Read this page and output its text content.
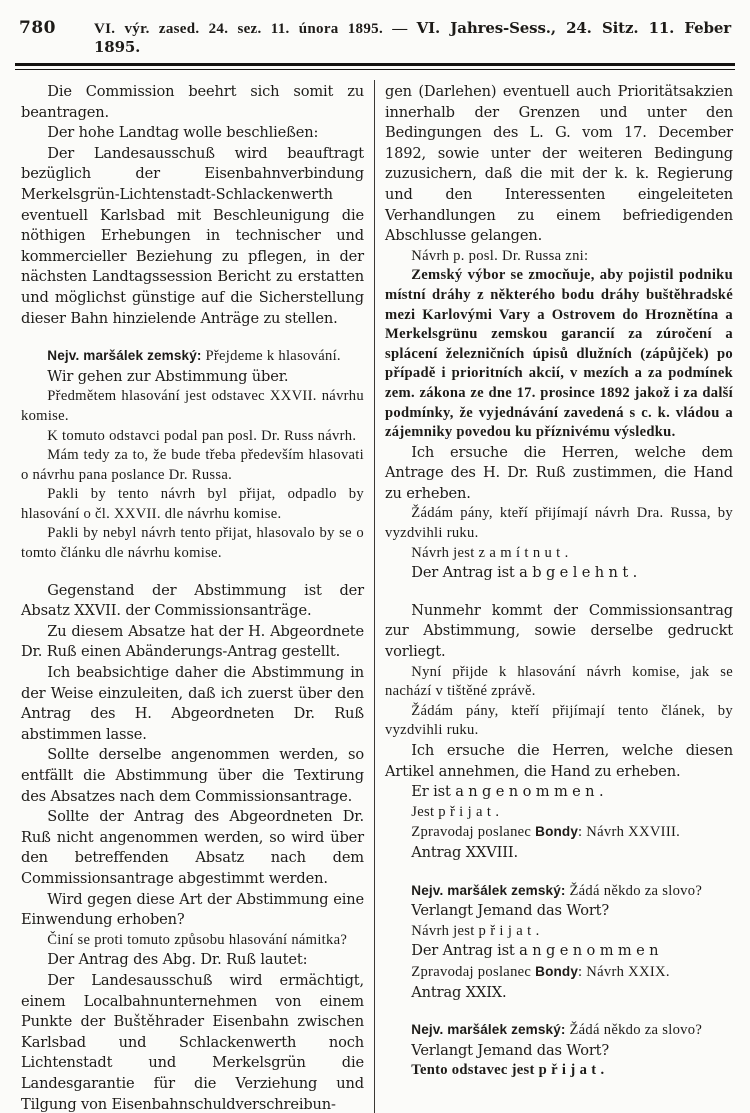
780	VI. výr. zased. 24. sez. 11. února 1895. — VI. Jahres-Sess., 24. Sitz. 11. Feber 1895.

Die Commission beehrt sich somit zu beantragen.

Der hohe Landtag wolle beschließen:

Der Landesausschuß wird beauftragt bezüglich der Eisenbahnverbindung Merkelsgrün-Lichtenstadt-Schlackenwerth eventuell Karlsbad mit Beschleunigung die nöthigen Erhebungen in technischer und kommercieller Beziehung zu pflegen, in der nächsten Landtagssession Bericht zu erstatten und möglichst günstige auf die Sicherstellung dieser Bahn hinzielende Anträge zu stellen.

Nejv. maršálek zemský: Přejdeme k hlasování.

Wir gehen zur Abstimmung über.

Předmětem hlasování jest odstavec XXVII. návrhu komise.

K tomuto odstavci podal pan posl. Dr. Russ návrh.

Mám tedy za to, že bude třeba především hlasovati o návrhu pana poslance Dr. Russa.

Pakli by tento návrh byl přijat, odpadlo by hlasování o čl. XXVII. dle návrhu komise.

Pakli by nebyl návrh tento přijat, hlasovalo by se o tomto článku dle návrhu komise.

Gegenstand der Abstimmung ist der Absatz XXVII. der Commissionsanträge.

Zu diesem Absatze hat der H. Abgeordnete Dr. Ruß einen Abänderungs-Antrag gestellt.

Ich beabsichtige daher die Abstimmung in der Weise einzuleiten, daß ich zuerst über den Antrag des H. Abgeordneten Dr. Ruß abstimmen lasse.

Sollte derselbe angenommen werden, so entfällt die Abstimmung über die Textirung des Absatzes nach dem Commissionsantrage.

Sollte der Antrag des Abgeordneten Dr. Ruß nicht angenommen werden, so wird über den betreffenden Absatz nach dem Commissionsantrage abgestimmt werden.

Wird gegen diese Art der Abstimmung eine Einwendung erhoben?

Činí se proti tomuto způsobu hlasování námitka?

Der Antrag des Abg. Dr. Ruß lautet:

Der Landesausschuß wird ermächtigt, einem Localbahnunternehmen von einem Punkte der Buštěhrader Eisenbahn zwischen Karlsbad und Schlackenwerth noch Lichtenstadt und Merkelsgrün die Landesgarantie für die Verziehung und Tilgung von Eisenbahnschuldverschreibun-

gen (Darlehen) eventuell auch Prioritätsakzien innerhalb der Grenzen und unter den Bedingungen des L. G. vom 17. December 1892, sowie unter der weiteren Bedingung zuzusichern, daß die mit der k. k. Regierung und den Interessenten eingeleiteten Verhandlungen zu einem befriedigenden Abschlusse gelangen.

Návrh p. posl. Dr. Russa zni:

Zemský výbor se zmocňuje, aby pojistil podniku místní dráhy z některého bodu dráhy buštěhradské mezi Karlovými Vary a Ostrovem do Hroznětína a Merkelsgrünu zemskou garancií za zúročení a splácení železničních úpisů dlužních (zápůjček) po případě i prioritních akcií, v mezích a za podmínek zem. zákona ze dne 17. prosince 1892 jakož i za další podmínky, že vyjednávání zavedená s c. k. vládou a zájemniky povedou ku příznivému výsledku.

Ich ersuche die Herren, welche dem Antrage des H. Dr. Ruß zustimmen, die Hand zu erheben.

Žádám pány, kteří přijímají návrh Dra. Russa, by vyzdvihli ruku.

Návrh jest zamítnut.

Der Antrag ist abgelehnt.

Nunmehr kommt der Commissionsantrag zur Abstimmung, sowie derselbe gedruckt vorliegt.

Nyní přijde k hlasování návrh komise, jak se nachází v tištěné zprávě.

Žádám pány, kteří přijímají tento článek, by vyzdvihli ruku.

Ich ersuche die Herren, welche diesen Artikel annehmen, die Hand zu erheben.

Er ist angenommen.

Jest přijat.

Zpravodaj poslanec Bondy: Návrh XXVIII.

Antrag XXVIII.

Nejv. maršálek zemský: Žádá někdo za slovo?

Verlangt Jemand das Wort?

Návrh jest přijat.

Der Antrag ist angenommen

Zpravodaj poslanec Bondy: Návrh XXIX.

Antrag XXIX.

Nejv. maršálek zemský: Žádá někdo za slovo?

Verlangt Jemand das Wort?

Tento odstavec jest přijat.
